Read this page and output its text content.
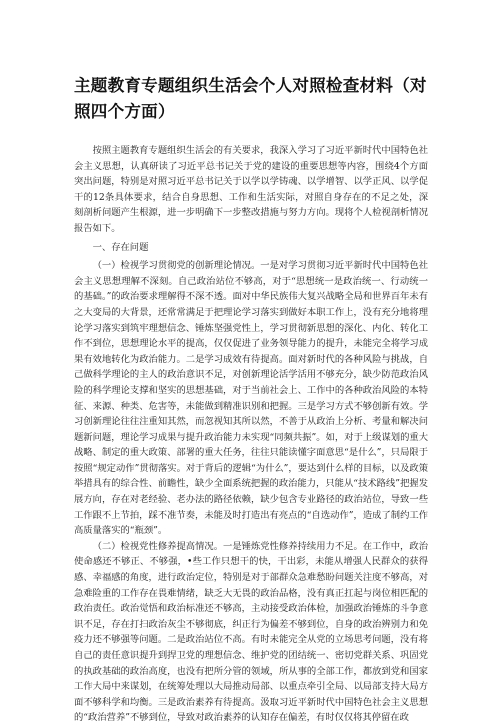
主题教育专题组织生活会个人对照检查材料（对照四个方面）

按照主题教育专题组织生活会的有关要求，我深入学习了习近平新时代中国特色社会主义思想，认真研读了习近平总书记关于党的建设的重要思想等内容，围绕4个方面突出问题，特别是对照习近平总书记关于以学以学铸魂、以学增智、以学正风、以学促干的12条具体要求，结合自身思想、工作和生活实际，对照自身存在的不足之处，深刻剖析问题产生根源，进一步明确下一步整改措施与努力方向。现将个人检视剖析情况报告如下。

一、存在问题

（一）检视学习贯彻党的创新理论情况。一是对学习贯彻习近平新时代中国特色社会主义思想理解不深刻。自己政治站位不够高，对于“思想统一是政治统一、行动统一的基础。”的政治要求理解得不深不透。面对中华民族伟大复兴战略全局和世界百年未有之大变局的大背景，还常常满足于把理论学习落实到做好本职工作上，没有充分地将理论学习落实到筑牢理想信念、锤炼坚强党性上，学习贯彻新思想的深化、内化、转化工作不到位，思想理论水平的提高，仅仅促进了业务领导能力的提升，未能完全将学习成果有效地转化为政治能力。二是学习成效有待提高。面对新时代的各种风险与挑战，自己做科学理论的主人的政治意识不足，对创新理论活学活用不够充分，缺少防范政治风险的科学理论支撑和坚实的思想基础，对于当前社会上、工作中的各种政治风险的本特征、来源、种类、危害等，未能做到精准识别和把握。三是学习方式不够创新有效。学习创新理论往往注重知其然，而忽视知其所以然，不善于从政治上分析、考量和解决问题新问题，理论学习成果与提升政治能力未实现“同频共振”。如，对于上级谋划的重大战略、制定的重大政策、部署的重大任务，往往只能读懂字面意思“是什么”，只局限于按照“规定动作”贯彻落实。对于背后的逻辑“为什么”，要达到什么样的目标，以及政策举措具有的综合性、前瞻性，缺少全面系统把握的政治能力，只能从“技术路线”把握发展方向，存在对老经验、老办法的路径依赖，缺少包含专业路径的政治站位，导致一些工作跟不上节拍，踩不准节奏，未能及时打造出有亮点的“自选动作”，造成了制约工作高质量落实的“瓶颈”。

（二）检视党性修养提高情况。一是锤炼党性修养持续用力不足。在工作中，政治使命感还不够正、不够强，•些工作只想干的快，干出彩，未能从增强人民群众的获得感、幸福感的角度，进行政治定位，特别是对于部群众急难愁盼问题关注度不够高，对急难险重的工作存在畏难情绪，缺乏大无畏的政治品格，没有真正扛起与岗位相匹配的政治责任。政治觉悟和政治标准还不够高，主动接受政治体检，加强政治锤炼的斗争意识不足，存在打扫政治灰尘不够彻底，纠正行为偏差不够到位，自身的政治辨别力和免疫力还不够强等问题。二是政治站位不高。有时未能完全从党的立场思考问题，没有将自己的责任意识提升到捍卫党的理想信念、维护党的团结统一、密切党群关系、巩固党的执政基础的政治高度，也没有把所分管的领域，所从事的全部工作，都放到党和国家工作大局中来谋划，在统筹处理以大局推动局部、以重点牵引全局、以局部支持大局方面不够科学和均衡。三是政治素养有待提高。汲取习近平新时代中国特色社会主义思想的“政治营养”不够到位，导致对政治素养的认知存在偏差，有时仅仅将其停留在政
